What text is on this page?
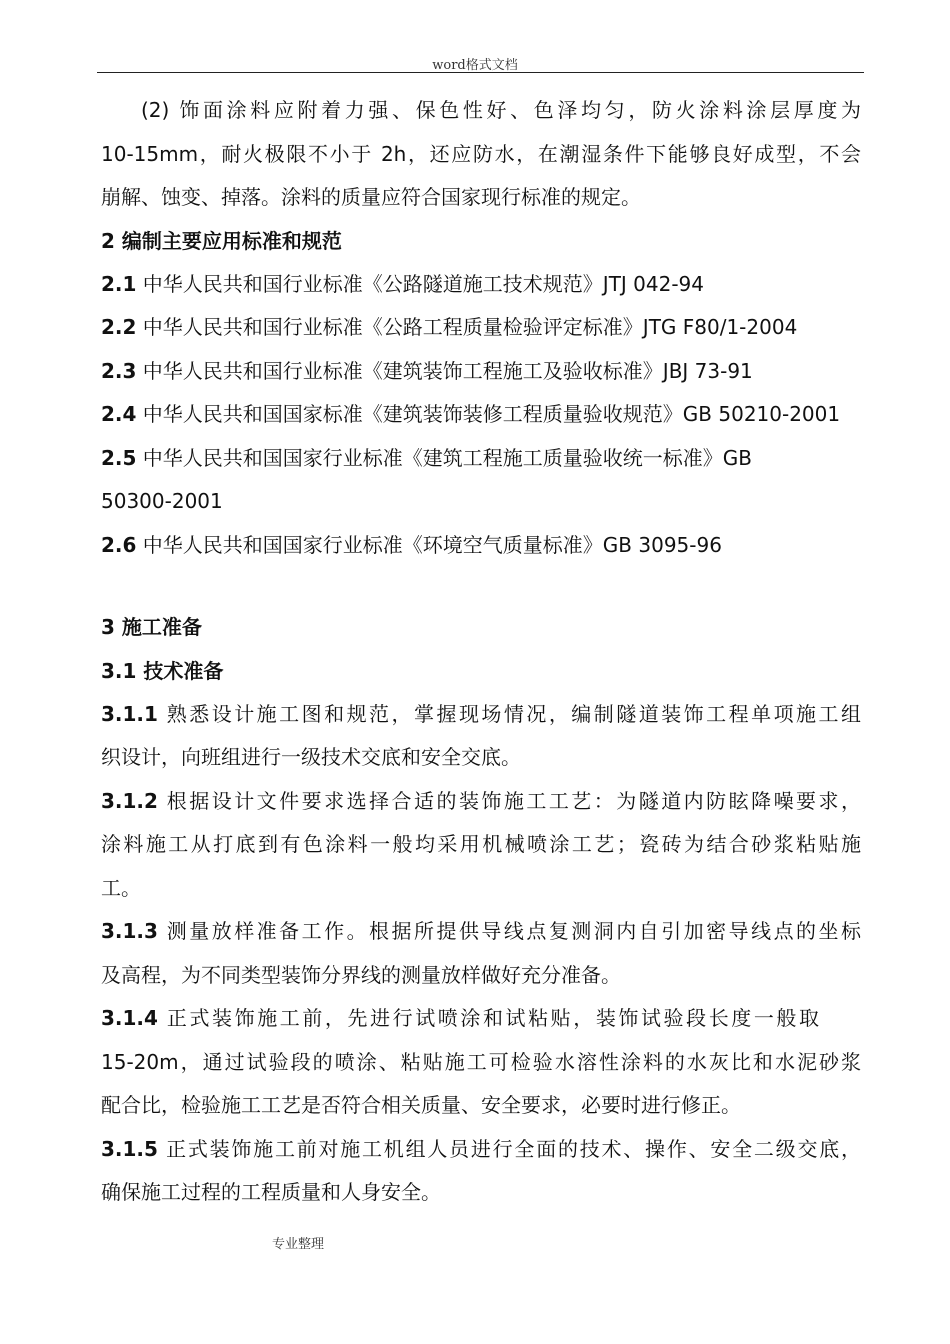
word格式文档
(2) 饰面涂料应附着力强、保色性好、色泽均匀，防火涂料涂层厚度为
10-15mm，耐火极限不小于 2h，还应防水，在潮湿条件下能够良好成型，不会
崩解、蚀变、掉落。涂料的质量应符合国家现行标准的规定。
2 编制主要应用标准和规范
2.1 中华人民共和国行业标准《公路隧道施工技术规范》JTJ 042-94
2.2 中华人民共和国行业标准《公路工程质量检验评定标准》JTG F80/1-2004
2.3 中华人民共和国行业标准《建筑装饰工程施工及验收标准》JBJ 73-91
2.4 中华人民共和国国家标准《建筑装饰装修工程质量验收规范》GB 50210-2001
2.5 中华人民共和国国家行业标准《建筑工程施工质量验收统一标准》GB
50300-2001
2.6 中华人民共和国国家行业标准《环境空气质量标准》GB 3095-96
3 施工准备
3.1 技术准备
3.1.1 熟悉设计施工图和规范，掌握现场情况，编制隧道装饰工程单项施工组
织设计，向班组进行一级技术交底和安全交底。
3.1.2 根据设计文件要求选择合适的装饰施工工艺：为隧道内防眩降噪要求，
涂料施工从打底到有色涂料一般均采用机械喷涂工艺；瓷砖为结合砂浆粘贴施
工。
3.1.3 测量放样准备工作。根据所提供导线点复测洞内自引加密导线点的坐标
及高程，为不同类型装饰分界线的测量放样做好充分准备。
3.1.4 正式装饰施工前，先进行试喷涂和试粘贴，装饰试验段长度一般取
15-20m，通过试验段的喷涂、粘贴施工可检验水溶性涂料的水灰比和水泥砂浆
配合比，检验施工工艺是否符合相关质量、安全要求，必要时进行修正。
3.1.5 正式装饰施工前对施工机组人员进行全面的技术、操作、安全二级交底，
确保施工过程的工程质量和人身安全。
专业整理
